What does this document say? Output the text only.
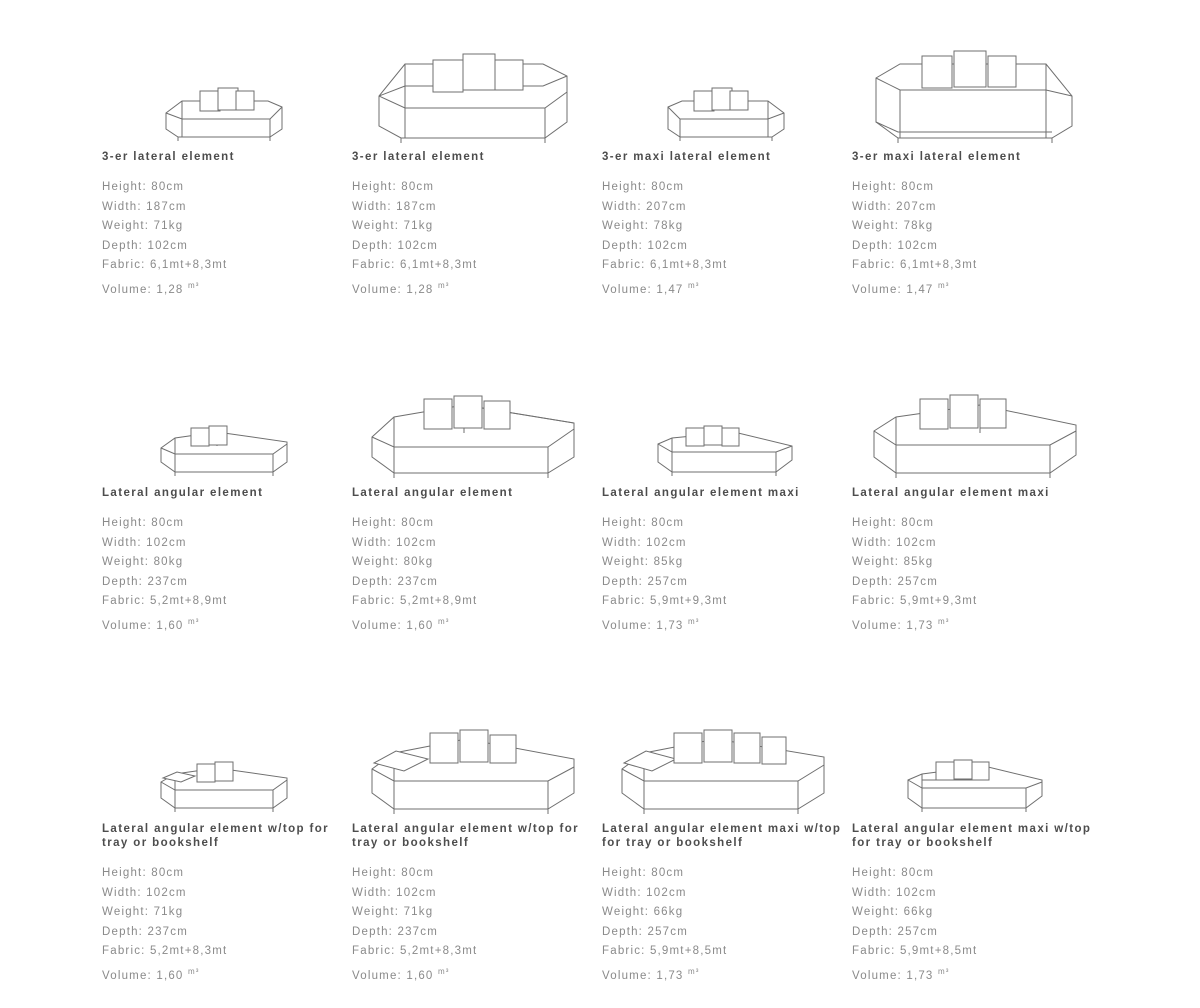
3-er lateral element
Height: 80cm
Width: 187cm
Weight: 71kg
Depth: 102cm
Fabric: 6,1mt+8,3mt
Volume: 1,28 $^{m^3}$
3-er lateral element
Height: 80cm
Width: 187cm
Weight: 71kg
Depth: 102cm
Fabric: 6,1mt+8,3mt
Volume: 1,28 $^{m^3}$
3-er maxi lateral element
Height: 80cm
Width: 207cm
Weight: 78kg
Depth: 102cm
Fabric: 6,1mt+8,3mt
Volume: 1,47 $^{m^3}$
3-er maxi lateral element
Height: 80cm
Width: 207cm
Weight: 78kg
Depth: 102cm
Fabric: 6,1mt+8,3mt
Volume: 1,47 $^{m^3}$
Lateral angular element
Height: 80cm
Width: 102cm
Weight: 80kg
Depth: 237cm
Fabric: 5,2mt+8,9mt
Volume: 1,60 $^{m^3}$
Lateral angular element
Height: 80cm
Width: 102cm
Weight: 80kg
Depth: 237cm
Fabric: 5,2mt+8,9mt
Volume: 1,60 $^{m^3}$
Lateral angular element maxi
Height: 80cm
Width: 102cm
Weight: 85kg
Depth: 257cm
Fabric: 5,9mt+9,3mt
Volume: 1,73 $^{m^3}$
Lateral angular element maxi
Height: 80cm
Width: 102cm
Weight: 85kg
Depth: 257cm
Fabric: 5,9mt+9,3mt
Volume: 1,73 $^{m^3}$
Lateral angular element w/top for tray or bookshelf
Height: 80cm
Width: 102cm
Weight: 71kg
Depth: 237cm
Fabric: 5,2mt+8,3mt
Volume: 1,60 $^{m^3}$
Lateral angular element w/top for tray or bookshelf
Height: 80cm
Width: 102cm
Weight: 71kg
Depth: 237cm
Fabric: 5,2mt+8,3mt
Volume: 1,60 $^{m^3}$
Lateral angular element maxi w/top for tray or bookshelf
Height: 80cm
Width: 102cm
Weight: 66kg
Depth: 257cm
Fabric: 5,9mt+8,5mt
Volume: 1,73 $^{m^3}$
Lateral angular element maxi w/top for tray or bookshelf
Height: 80cm
Width: 102cm
Weight: 66kg
Depth: 257cm
Fabric: 5,9mt+8,5mt
Volume: 1,73 $^{m^3}$
